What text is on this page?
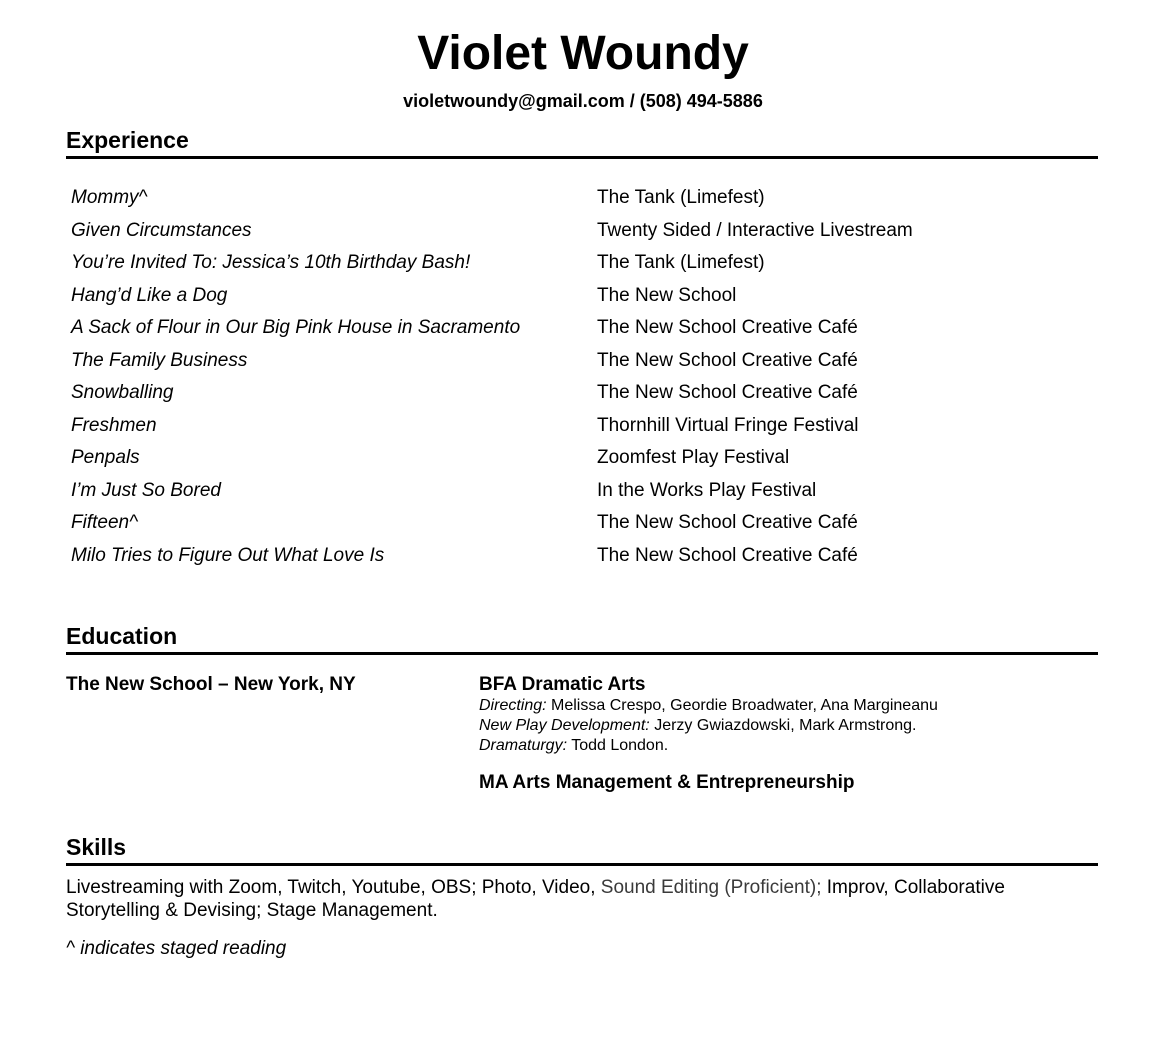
Violet Woundy
violetwoundy@gmail.com / (508) 494-5886
Experience
Mommy^	The Tank (Limefest)
Given Circumstances	Twenty Sided / Interactive Livestream
You’re Invited To: Jessica’s 10th Birthday Bash!	The Tank (Limefest)
Hang’d Like a Dog	The New School
A Sack of Flour in Our Big Pink House in Sacramento	The New School Creative Café
The Family Business	The New School Creative Café
Snowballing	The New School Creative Café
Freshmen	Thornhill Virtual Fringe Festival
Penpals	Zoomfest Play Festival
I’m Just So Bored	In the Works Play Festival
Fifteen^	The New School Creative Café
Milo Tries to Figure Out What Love Is	The New School Creative Café
Education
The New School – New York, NY	BFA Dramatic Arts
Directing: Melissa Crespo, Geordie Broadwater, Ana Margineanu
New Play Development: Jerzy Gwiazdowski, Mark Armstrong.
Dramaturgy: Todd London.
MA Arts Management & Entrepreneurship
Skills
Livestreaming with Zoom, Twitch, Youtube, OBS; Photo, Video, Sound Editing (Proficient); Improv, Collaborative Storytelling & Devising; Stage Management.
^ indicates staged reading
